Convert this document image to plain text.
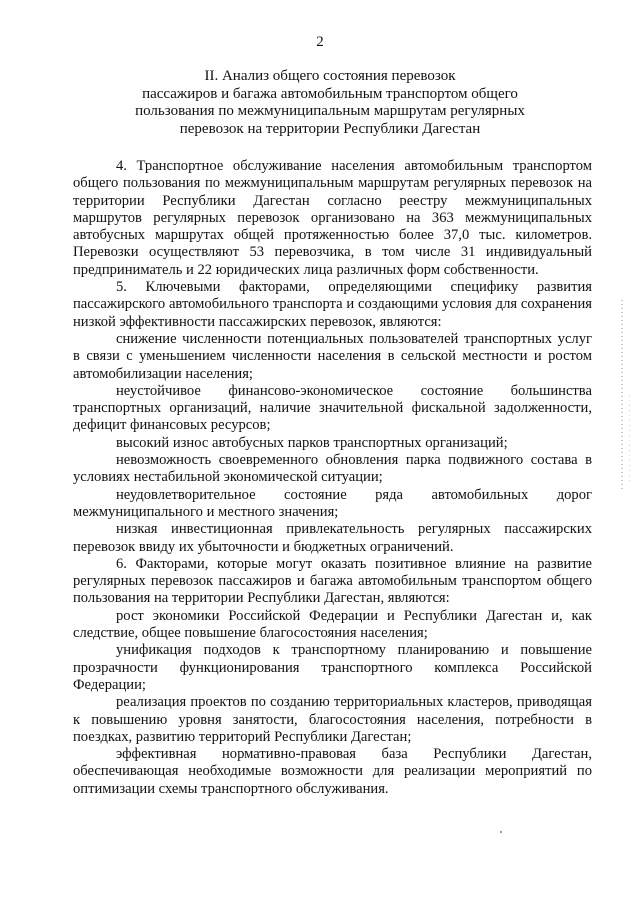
2
II. Анализ общего состояния перевозок
пассажиров и багажа автомобильным транспортом общего
пользования по межмуниципальным маршрутам регулярных
перевозок на территории Республики Дагестан

4. Транспортное обслуживание населения автомобильным транспортом общего пользования по межмуниципальным маршрутам регулярных перевозок на территории Республики Дагестан согласно реестру межмуниципальных маршрутов регулярных перевозок организовано на 363 межмуниципальных автобусных маршрутах общей протяженностью более 37,0 тыс. километров. Перевозки осуществляют 53 перевозчика, в том числе 31 индивидуальный предприниматель и 22 юридических лица различных форм собственности.

5. Ключевыми факторами, определяющими специфику развития пассажирского автомобильного транспорта и создающими условия для сохранения низкой эффективности пассажирских перевозок, являются:

снижение численности потенциальных пользователей транспортных услуг в связи с уменьшением численности населения в сельской местности и ростом автомобилизации населения;

неустойчивое финансово-экономическое состояние большинства транспортных организаций, наличие значительной фискальной задолженности, дефицит финансовых ресурсов;

высокий износ автобусных парков транспортных организаций;

невозможность своевременного обновления парка подвижного состава в условиях нестабильной экономической ситуации;

неудовлетворительное состояние ряда автомобильных дорог межмуниципального и местного значения;

низкая инвестиционная привлекательность регулярных пассажирских перевозок ввиду их убыточности и бюджетных ограничений.

6. Факторами, которые могут оказать позитивное влияние на развитие регулярных перевозок пассажиров и багажа автомобильным транспортом общего пользования на территории Республики Дагестан, являются:

рост экономики Российской Федерации и Республики Дагестан и, как следствие, общее повышение благосостояния населения;

унификация подходов к транспортному планированию и повышение прозрачности функционирования транспортного комплекса Российской Федерации;

реализация проектов по созданию территориальных кластеров, приводящая к повышению уровня занятости, благосостояния населения, потребности в поездках, развитию территорий Республики Дагестан;

эффективная нормативно-правовая база Республики Дагестан, обеспечивающая необходимые возможности для реализации мероприятий по оптимизации схемы транспортного обслуживания.
